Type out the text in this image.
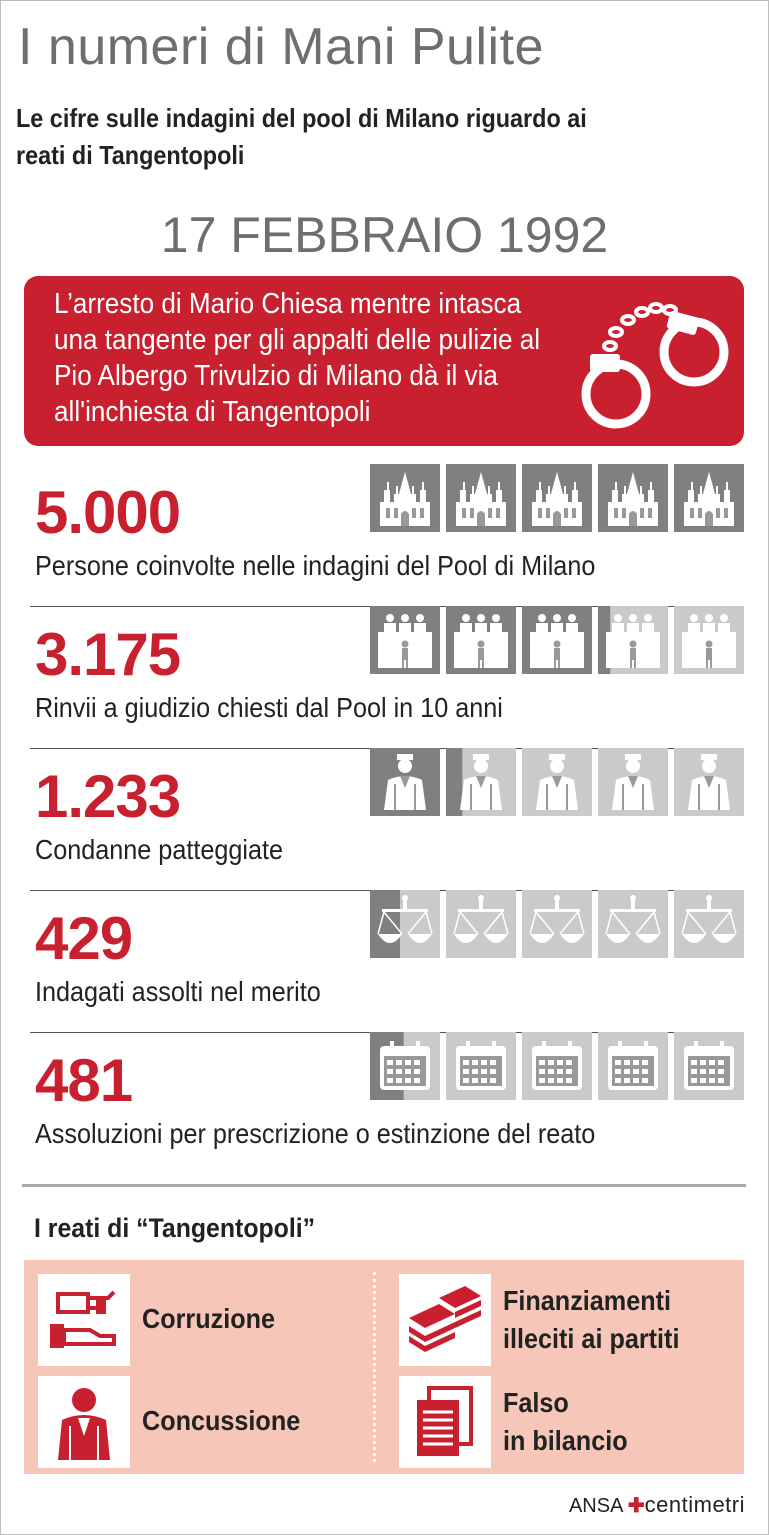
I numeri di Mani Pulite
Le cifre sulle indagini del pool di Milano riguardo ai reati di Tangentopoli
17 FEBBRAIO 1992
L’arresto di Mario Chiesa mentre intasca una tangente per gli appalti delle pulizie al Pio Albergo Trivulzio di Milano dà il via all'inchiesta di Tangentopoli
5.000
Persone coinvolte nelle indagini del Pool di Milano
3.175
Rinvii a giudizio chiesti dal Pool in 10 anni
1.233
Condanne patteggiate
429
Indagati assolti nel merito
481
Assoluzioni per prescrizione o estinzione del reato
I reati di “Tangentopoli”
Corruzione
Finanziamenti
illeciti ai partiti
Concussione
Falso
in bilancio
ANSA ✚centimetri
